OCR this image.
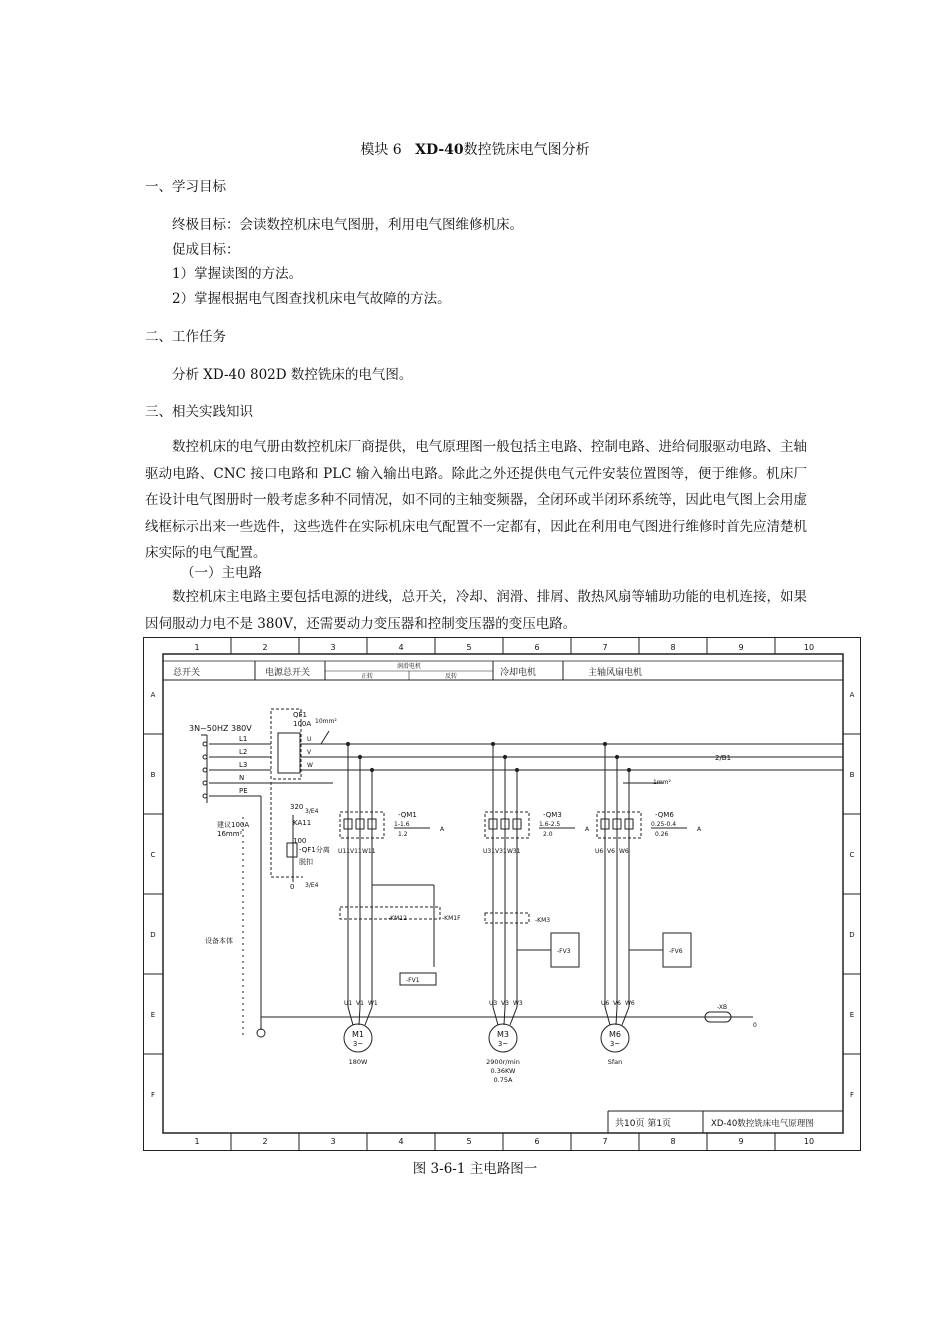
模块 6 XD-40数控铣床电气图分析
一、学习目标
终极目标：会读数控机床电气图册，利用电气图维修机床。
促成目标：
1）掌握读图的方法。
2）掌握根据电气图查找机床电气故障的方法。
二、工作任务
分析 XD-40 802D 数控铣床的电气图。
三、相关实践知识
数控机床的电气册由数控机床厂商提供，电气原理图一般包括主电路、控制电路、进给伺服驱动电路、主轴驱动电路、CNC 接口电路和 PLC 输入输出电路。除此之外还提供电气元件安装位置图等，便于维修。机床厂在设计电气图册时一般考虑多种不同情况，如不同的主轴变频器，全闭环或半闭环系统等，因此电气图上会用虚线框标示出来一些选件，这些选件在实际机床电气配置不一定都有，因此在利用电气图进行维修时首先应清楚机床实际的电气配置。
（一）主电路
数控机床主电路主要包括电源的进线，总开关，冷却、润滑、排屑、散热风扇等辅助功能的电机连接，如果因伺服动力电不是 380V，还需要动力变压器和控制变压器的变压电路。
1
1
2
2
3
3
4
4
5
5
6
6
7
7
8
8
9
9
10
10
A	A
B	B
C	C
D	D
E	E
F	F
总开关	电源总开关
润滑电机
正转	反转	冷却电机	主轴风扇电机
3N~50HZ 380V
L1
L2
L3
N
PE
QF1
100A 10mm²
U
V
W
2/B1
1mm²
建议100A
16mm²
设备本体
320
3/E4
KA11
100
-QF1分离
脱扣
0 3/E4
-QM1
1-1.6
1.2
A
U11 V11 W11
-KM12	-KM1F
-FV1
U1 V1 W1
M1
3~
180W
-QM3
1.6-2.5
2.0
A
U31 V31 W31
-KM3
-FV3
U3 V3 W3
M3
3~
2900r/min
0.36KW
0.75A
-QM6
0.25-0.4
0.26
A
U6 V6 W6
-FV6
U6 V6 W6
M6
3~
Sfan
-XB
0
共10页 第1页	XD-40数控铣床电气原理图
图 3-6-1 主电路图一
